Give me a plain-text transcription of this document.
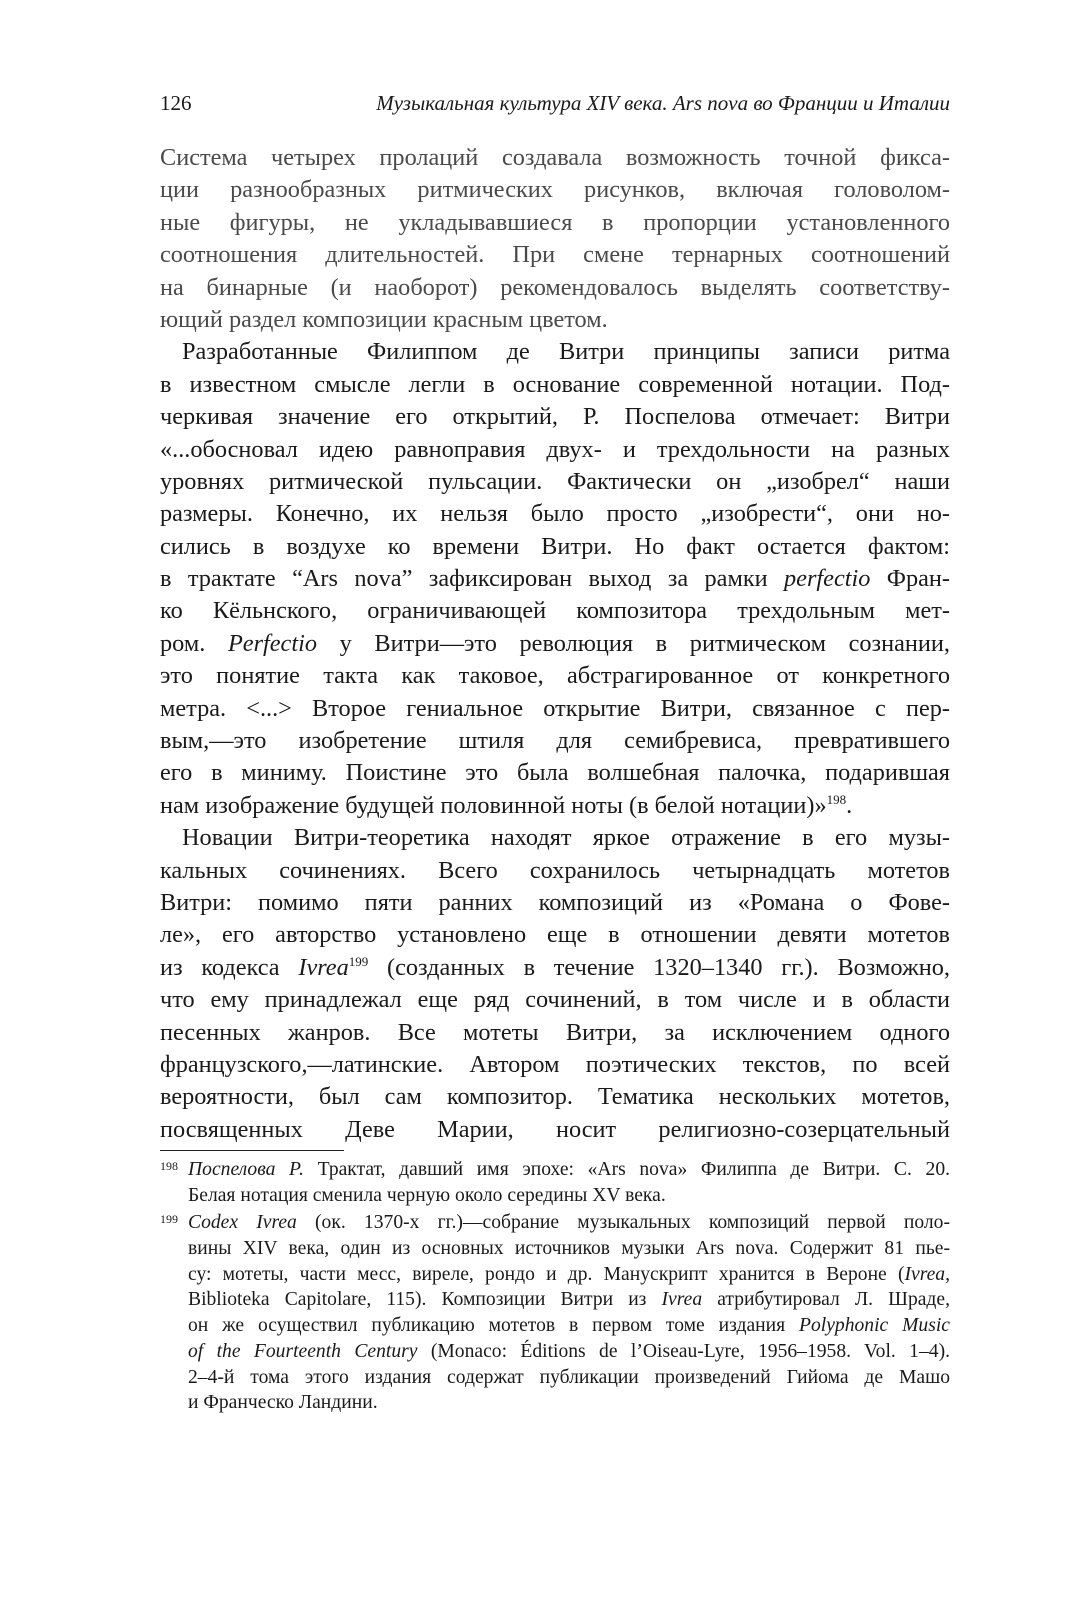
126	Музыкальная культура XIV века. Ars nova во Франции и Италии
Система четырех пролаций создавала возможность точной фикса-
ции разнообразных ритмических рисунков, включая головолом-
ные фигуры, не укладывавшиеся в пропорции установленного
соотношения длительностей. При смене тернарных соотношений
на бинарные (и наоборот) рекомендовалось выделять соответству-
ющий раздел композиции красным цветом.
Разработанные Филиппом де Витри принципы записи ритма
в известном смысле легли в основание современной нотации. Под-
черкивая значение его открытий, Р. Поспелова отмечает: Витри
«...обосновал идею равноправия двух- и трехдольности на разных
уровнях ритмической пульсации. Фактически он „изобрел“ наши
размеры. Конечно, их нельзя было просто „изобрести“, они но-
сились в воздухе ко времени Витри. Но факт остается фактом:
в трактате “Ars nova” зафиксирован выход за рамки perfectio Фран-
ко Кёльнского, ограничивающей композитора трехдольным мет-
ром. Perfectio у Витри—это революция в ритмическом сознании,
это понятие такта как таковое, абстрагированное от конкретного
метра. <...> Второе гениальное открытие Витри, связанное с пер-
вым,—это изобретение штиля для семибревиса, превратившего
его в миниму. Поистине это была волшебная палочка, подарившая
нам изображение будущей половинной ноты (в белой нотации)»$^{198}$.
Новации Витри-теоретика находят яркое отражение в его музы-
кальных сочинениях. Всего сохранилось четырнадцать мотетов
Витри: помимо пяти ранних композиций из «Романа о Фове-
ле», его авторство установлено еще в отношении девяти мотетов
из кодекса Ivrea$^{199}$ (созданных в течение 1320–1340 гг.). Возможно,
что ему принадлежал еще ряд сочинений, в том числе и в области
песенных жанров. Все мотеты Витри, за исключением одного
французского,—латинские. Автором поэтических текстов, по всей
вероятности, был сам композитор. Тематика нескольких мотетов,
посвященных Деве Марии, носит религиозно-созерцательный
198 Поспелова Р. Трактат, давший имя эпохе: «Ars nova» Филиппа де Витри. С. 20.
Белая нотация сменила черную около середины XV века.
199 Codex Ivrea (ок. 1370-х гг.)—собрание музыкальных композиций первой поло-
вины XIV века, один из основных источников музыки Ars nova. Содержит 81 пье-
су: мотеты, части месс, виреле, рондо и др. Манускрипт хранится в Вероне (Ivrea,
Biblioteka Capitolare, 115). Композиции Витри из Ivrea атрибутировал Л. Шраде,
он же осуществил публикацию мотетов в первом томе издания Polyphonic Music
of the Fourteenth Century (Monaco: Éditions de l’Oiseau-Lyre, 1956–1958. Vol. 1–4).
2–4-й тома этого издания содержат публикации произведений Гийома де Машо
и Франческо Ландини.
